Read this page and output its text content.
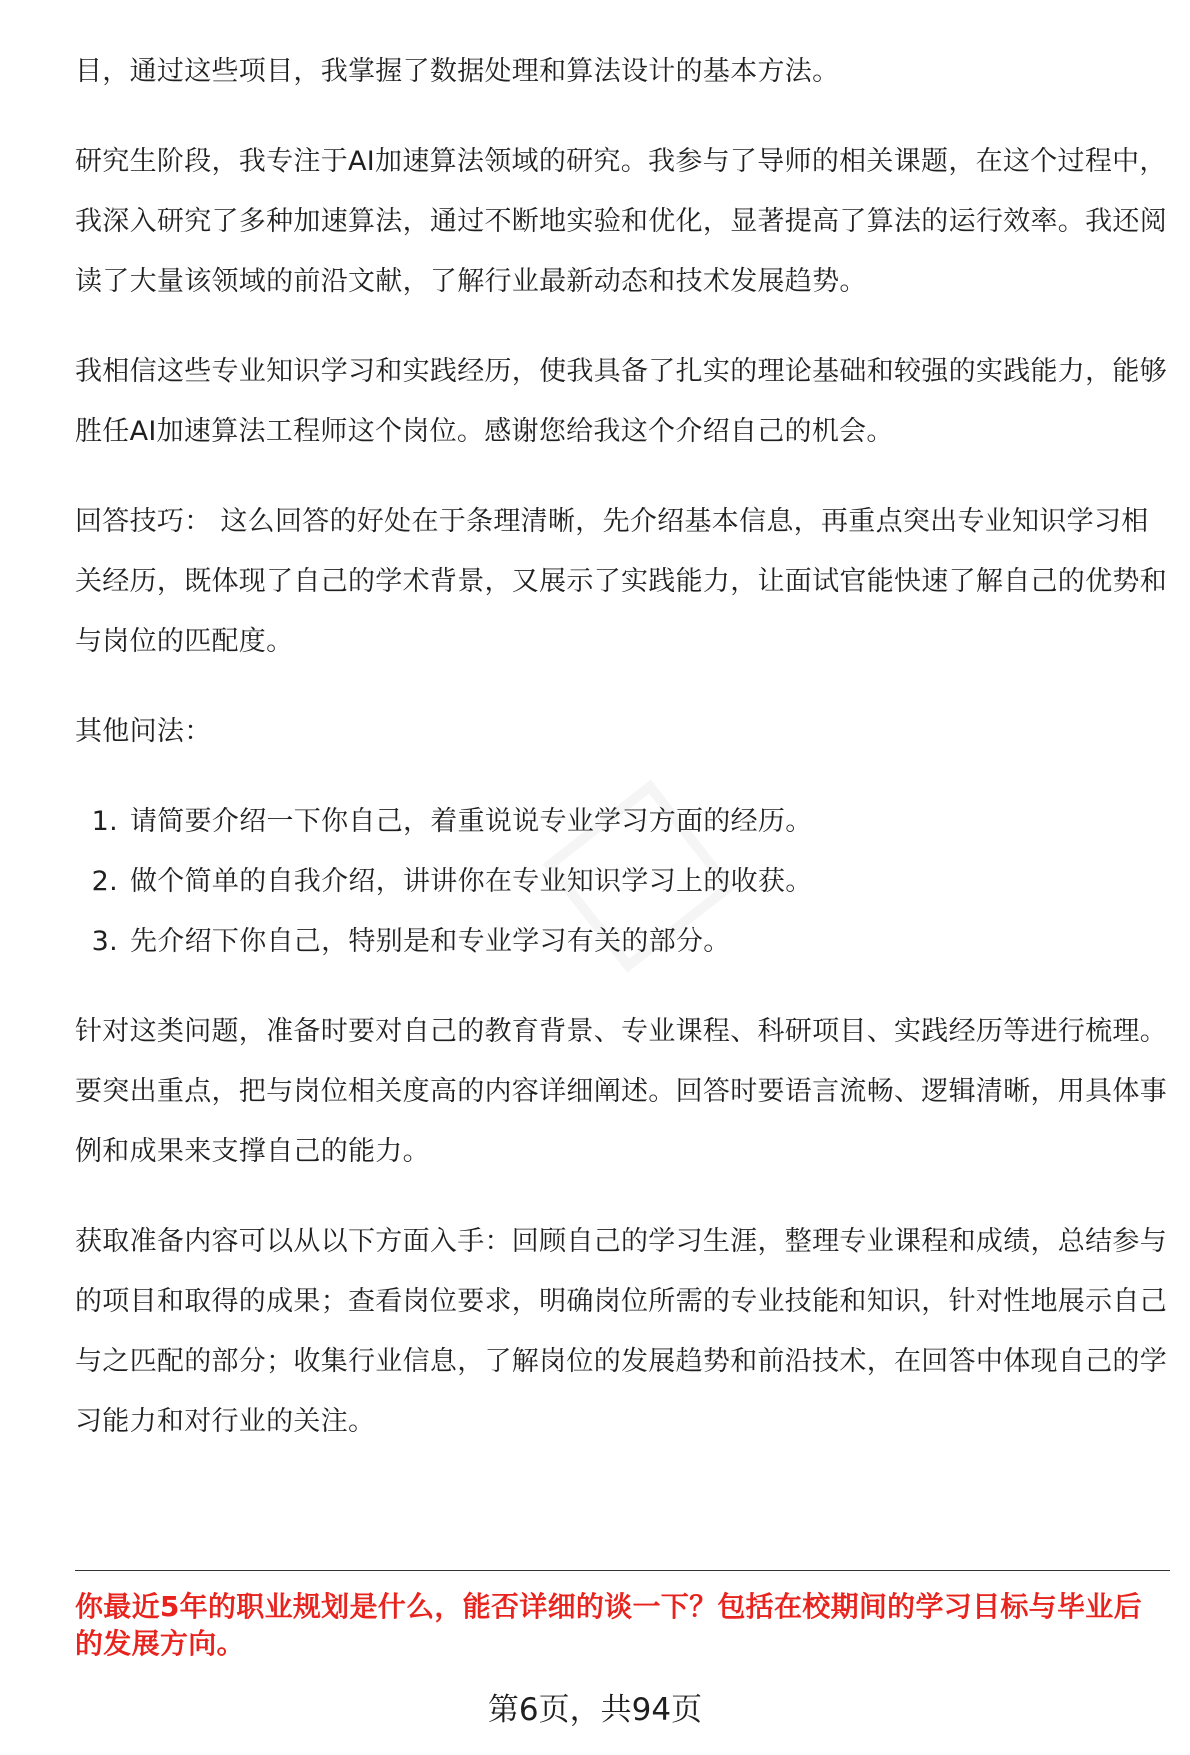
目，通过这些项目，我掌握了数据处理和算法设计的基本方法。

研究生阶段，我专注于AI加速算法领域的研究。我参与了导师的相关课题，在这个过程中，我深入研究了多种加速算法，通过不断地实验和优化，显著提高了算法的运行效率。我还阅读了大量该领域的前沿文献，了解行业最新动态和技术发展趋势。

我相信这些专业知识学习和实践经历，使我具备了扎实的理论基础和较强的实践能力，能够胜任AI加速算法工程师这个岗位。感谢您给我这个介绍自己的机会。

回答技巧： 这么回答的好处在于条理清晰，先介绍基本信息，再重点突出专业知识学习相关经历，既体现了自己的学术背景，又展示了实践能力，让面试官能快速了解自己的优势和与岗位的匹配度。

其他问法：

1. 请简要介绍一下你自己，着重说说专业学习方面的经历。
2. 做个简单的自我介绍，讲讲你在专业知识学习上的收获。
3. 先介绍下你自己，特别是和专业学习有关的部分。

针对这类问题，准备时要对自己的教育背景、专业课程、科研项目、实践经历等进行梳理。要突出重点，把与岗位相关度高的内容详细阐述。回答时要语言流畅、逻辑清晰，用具体事例和成果来支撑自己的能力。

获取准备内容可以从以下方面入手：回顾自己的学习生涯，整理专业课程和成绩，总结参与的项目和取得的成果；查看岗位要求，明确岗位所需的专业技能和知识，针对性地展示自己与之匹配的部分；收集行业信息，了解岗位的发展趋势和前沿技术，在回答中体现自己的学习能力和对行业的关注。

你最近5年的职业规划是什么，能否详细的谈一下？包括在校期间的学习目标与毕业后的发展方向。
第6页，共94页
